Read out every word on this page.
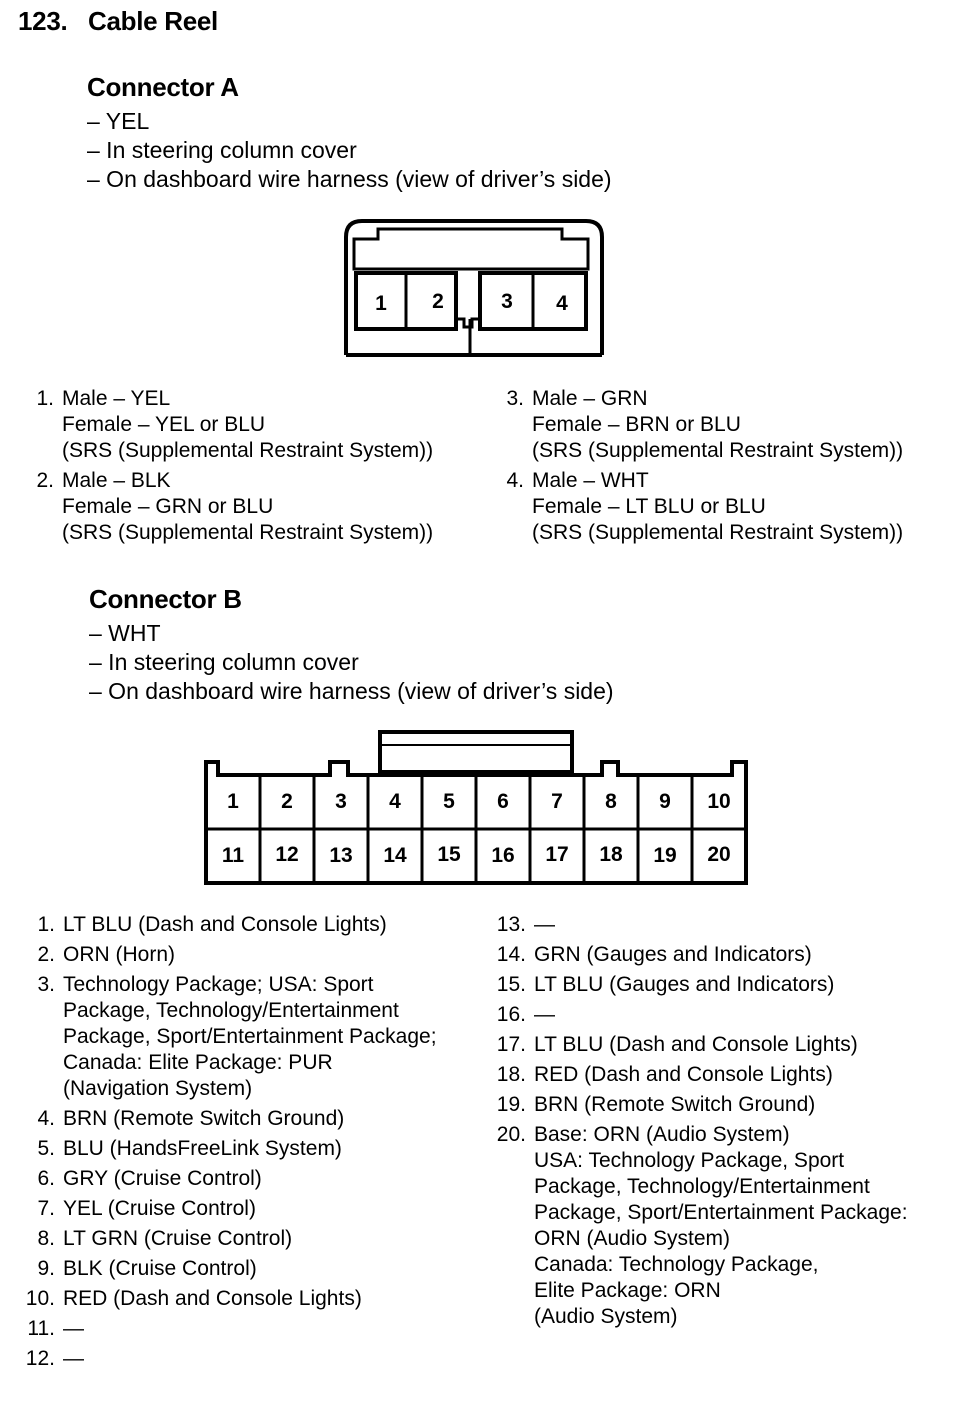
123. Cable Reel
Connector A
– YEL
– In steering column cover
– On dashboard wire harness (view of driver’s side)
1 2	3 4
1. Male – YEL
Female – YEL or BLU
(SRS (Supplemental Restraint System))
2. Male – BLK
Female – GRN or BLU
(SRS (Supplemental Restraint System))
3. Male – GRN
Female – BRN or BLU
(SRS (Supplemental Restraint System))
4. Male – WHT
Female – LT BLU or BLU
(SRS (Supplemental Restraint System))
Connector B
– WHT
– In steering column cover
– On dashboard wire harness (view of driver’s side)
1 2 3 4 5 6 7 8 9 10
11 12 13 14 15 16 17 18 19 20
1. LT BLU (Dash and Console Lights)
2. ORN (Horn)
3. Technology Package; USA: Sport
Package, Technology/Entertainment
Package, Sport/Entertainment Package;
Canada: Elite Package: PUR
(Navigation System)
4. BRN (Remote Switch Ground)
5. BLU (HandsFreeLink System)
6. GRY (Cruise Control)
7. YEL (Cruise Control)
8. LT GRN (Cruise Control)
9. BLK (Cruise Control)
10. RED (Dash and Console Lights)
11. —
12. —
13. —
14. GRN (Gauges and Indicators)
15. LT BLU (Gauges and Indicators)
16. —
17. LT BLU (Dash and Console Lights)
18. RED (Dash and Console Lights)
19. BRN (Remote Switch Ground)
20. Base: ORN (Audio System)
USA: Technology Package, Sport
Package, Technology/Entertainment
Package, Sport/Entertainment Package:
ORN (Audio System)
Canada: Technology Package,
Elite Package: ORN
(Audio System)
